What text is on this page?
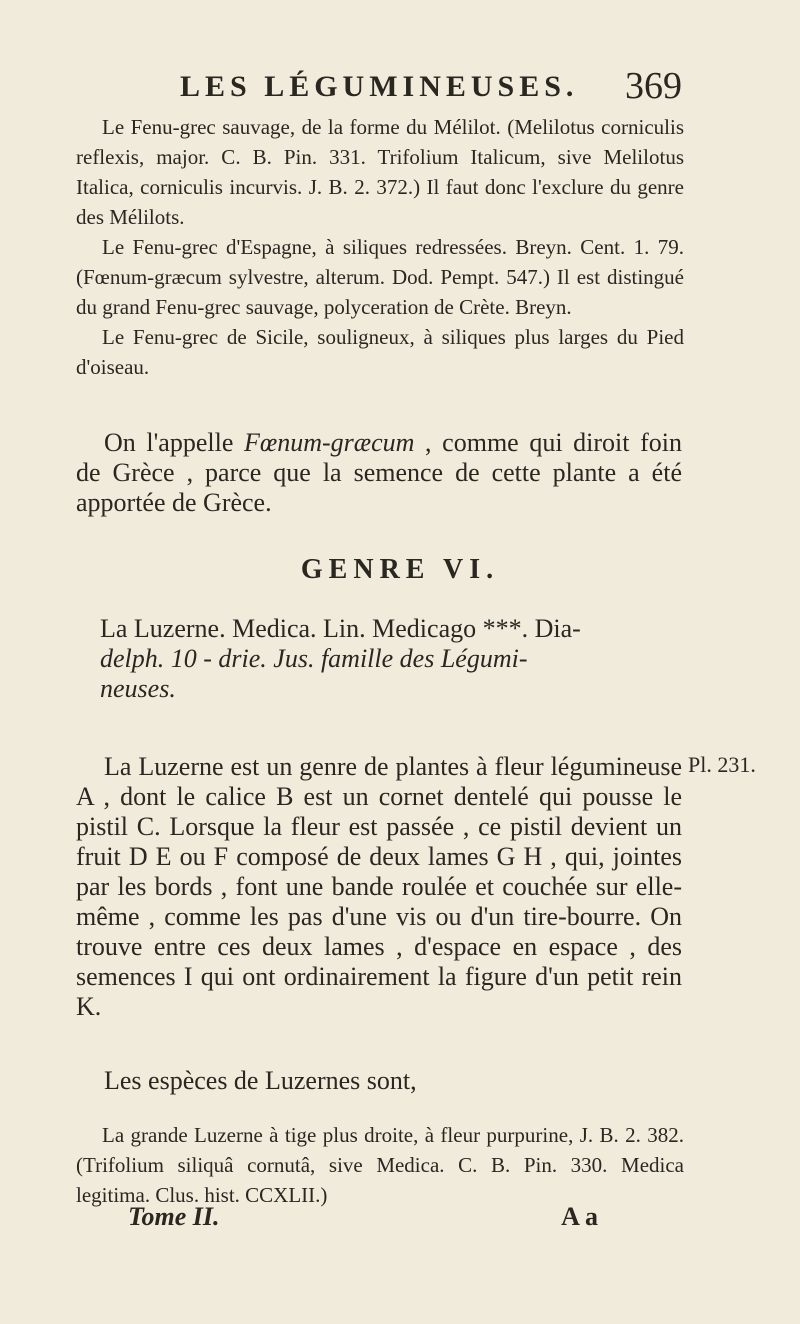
LES LÉGUMINEUSES. 369

Le Fenu-grec sauvage, de la forme du Mélilot. (Melilotus corniculis reflexis, major. C. B. Pin. 331. Trifolium Italicum, sive Melilotus Italica, corniculis incurvis. J. B. 2. 372.) Il faut donc l'exclure du genre des Mélilots.

Le Fenu-grec d'Espagne, à siliques redressées. Breyn. Cent. 1. 79. (Fœnum-græcum sylvestre, alterum. Dod. Pempt. 547.) Il est distingué du grand Fenu-grec sauvage, polyceration de Crète. Breyn.

Le Fenu-grec de Sicile, souligneux, à siliques plus larges du Pied d'oiseau.

On l'appelle Fœnum-græcum , comme qui diroit foin de Grèce , parce que la semence de cette plante a été apportée de Grèce.

GENRE VI.
La Luzerne. Medica. Lin. Medicago ***. Dia-
delph. 10 - drie. Jus. famille des Légumi-
neuses.

La Luzerne est un genre de plantes à fleur légumineuse A , dont le calice B est un cornet dentelé qui pousse le pistil C. Lorsque la fleur est passée , ce pistil devient un fruit D E ou F composé de deux lames G H , qui, jointes par les bords , font une bande roulée et couchée sur elle-même , comme les pas d'une vis ou d'un tire-bourre. On trouve entre ces deux lames , d'espace en espace , des semences I qui ont ordinairement la figure d'un petit rein K.

Pl. 231.

Les espèces de Luzernes sont,

La grande Luzerne à tige plus droite, à fleur purpurine, J. B. 2. 382. (Trifolium siliquâ cornutâ, sive Medica. C. B. Pin. 330. Medica legitima. Clus. hist. CCXLII.)

Tome II.	A a
